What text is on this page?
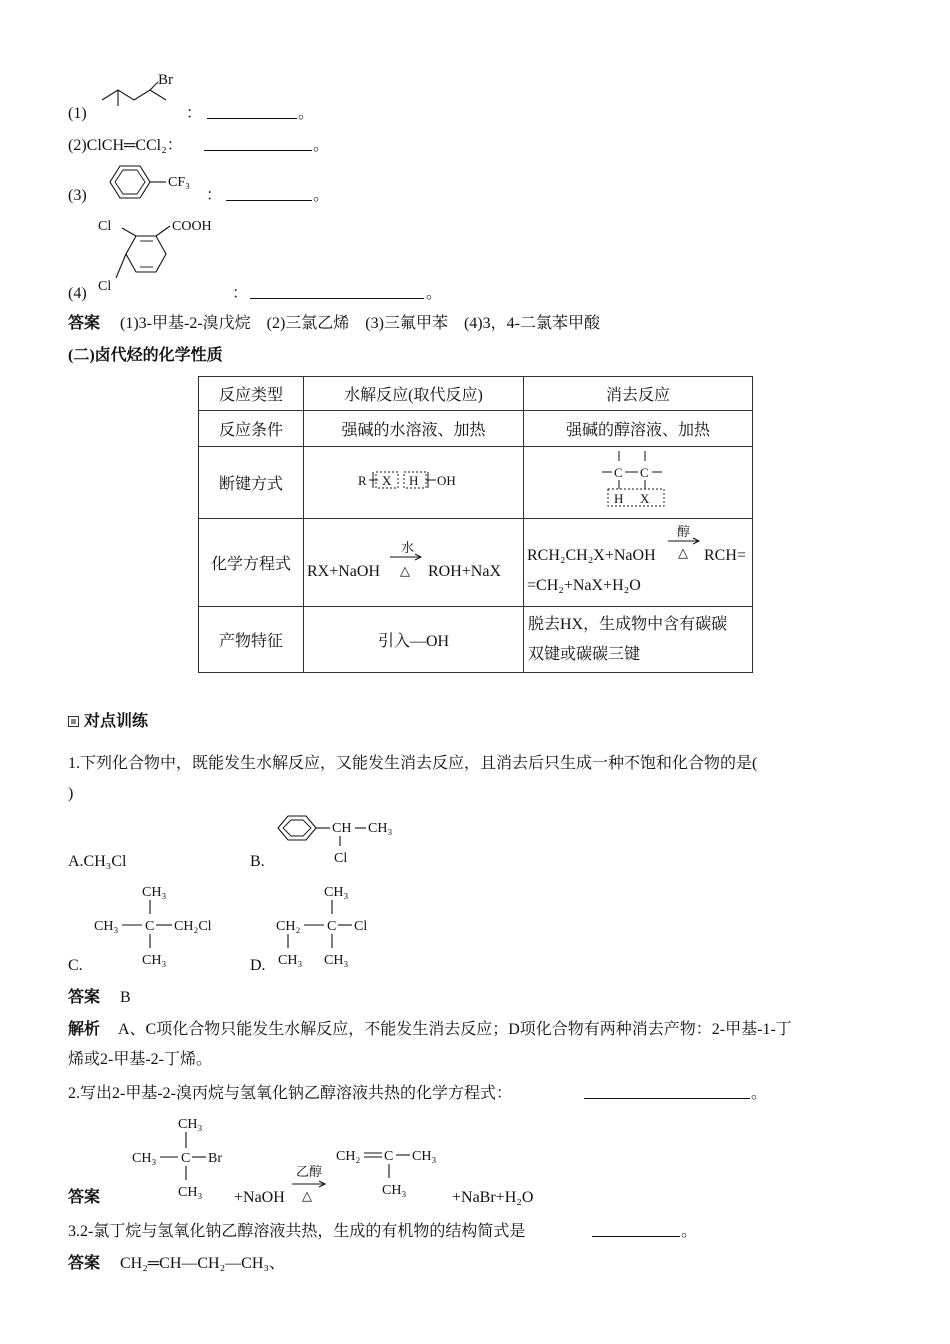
(1)
Br
：	。
(2)ClCH═CCl₂：	。
(3)
CF₃
：	。
Cl
Cl
COOH
(4)	：	。
答案 (1)3-甲基-2-溴戊烷　(2)三氯乙烯　(3)三氟甲苯　(4)3，4-二氯苯甲酸
(二)卤代烃的化学性质
反应类型	水解反应(取代反应)	消去反应
反应条件	强碱的水溶液、加热	强碱的醇溶液、加热
断键方式	R X H OH	C C
H X

化学方程式	RX+NaOH
水
△ ROH+NaX	RCH₂CH₂X+NaOH
醇
△ RCH=
=CH₂+NaX+H₂O

产物特征	引入—OH	脱去HX，生成物中含有碳碳
双键或碳碳三键
对点训练
1.下列化合物中，既能发生水解反应，又能发生消去反应，且消去后只生成一种不饱和化合物的是(
)
A.CH₃Cl	B.
CH CH₃
Cl
CH₃
CH₃ C CH₂Cl
CH₃
C.
CH₃
CH₂ C Cl
CH₃ CH₃
D.
答案 B
解析 A、C项化合物只能发生水解反应，不能发生消去反应；D项化合物有两种消去产物：2-甲基-1-丁
烯或2-甲基-2-丁烯。
2.写出2-甲基-2-溴丙烷与氢氧化钠乙醇溶液共热的化学方程式：	。
答案
CH₃
CH₃ C Br
CH₃ +NaOH
乙醇
△
CH₂ C CH₃
CH₃	+NaBr+H₂O
3.2-氯丁烷与氢氧化钠乙醇溶液共热，生成的有机物的结构简式是	。
答案 CH₂═CH—CH₂—CH₃、
